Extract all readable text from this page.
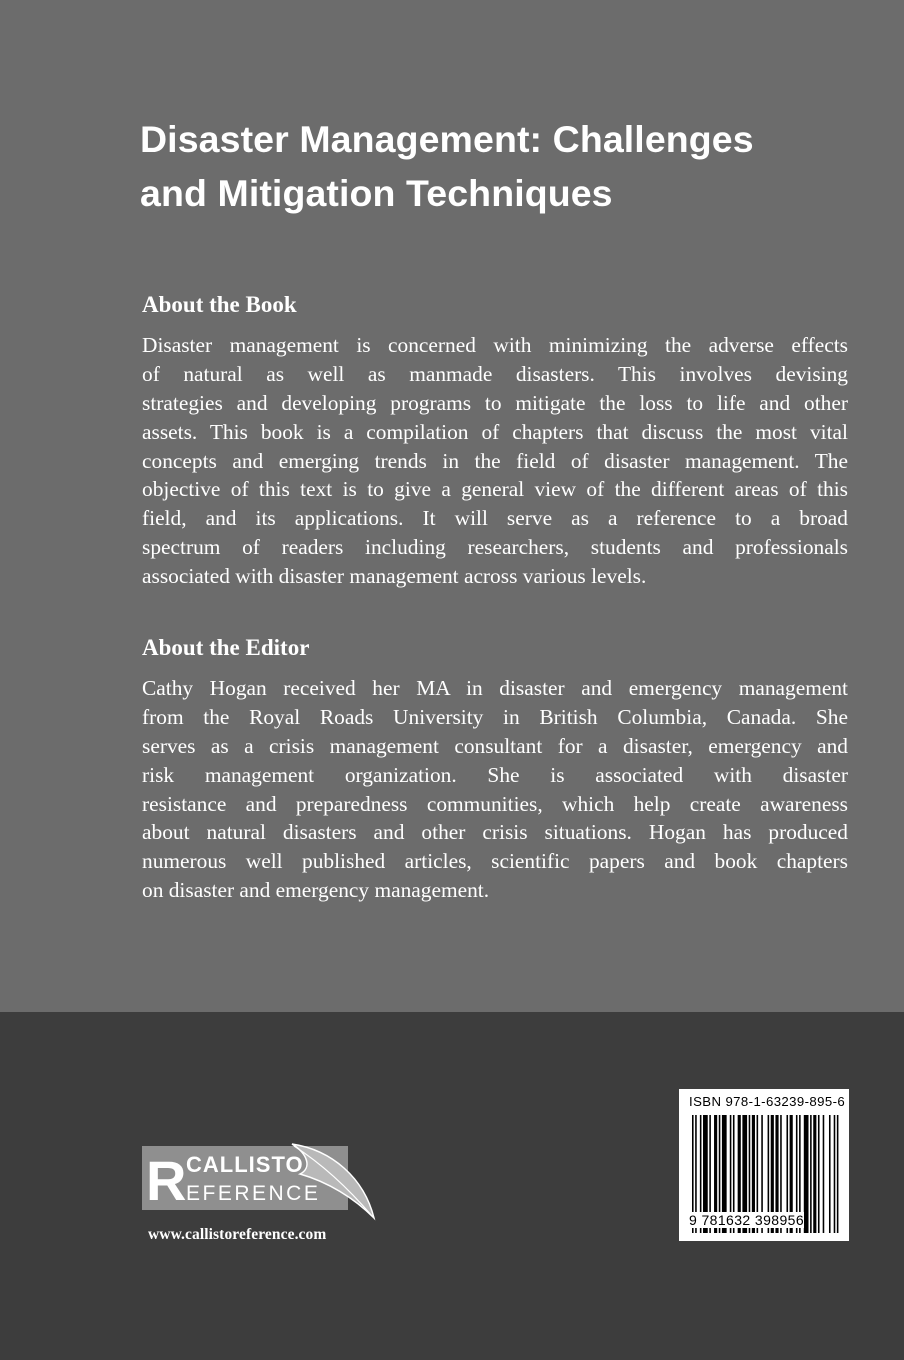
Disaster Management: Challenges
and Mitigation Techniques
About the Book
Disaster management is concerned with minimizing the adverse effects
of natural as well as manmade disasters. This involves devising
strategies and developing programs to mitigate the loss to life and other
assets. This book is a compilation of chapters that discuss the most vital
concepts and emerging trends in the field of disaster management. The
objective of this text is to give a general view of the different areas of this
field, and its applications. It will serve as a reference to a broad
spectrum of readers including researchers, students and professionals
associated with disaster management across various levels.
About the Editor
Cathy Hogan received her MA in disaster and emergency management
from the Royal Roads University in British Columbia, Canada. She
serves as a crisis management consultant for a disaster, emergency and
risk management organization. She is associated with disaster
resistance and preparedness communities, which help create awareness
about natural disasters and other crisis situations. Hogan has produced
numerous well published articles, scientific papers and book chapters
on disaster and emergency management.
R CALLISTO
EFERENCE
www.callistoreference.com
ISBN 978-1-63239-895-6
9 781632 398956
